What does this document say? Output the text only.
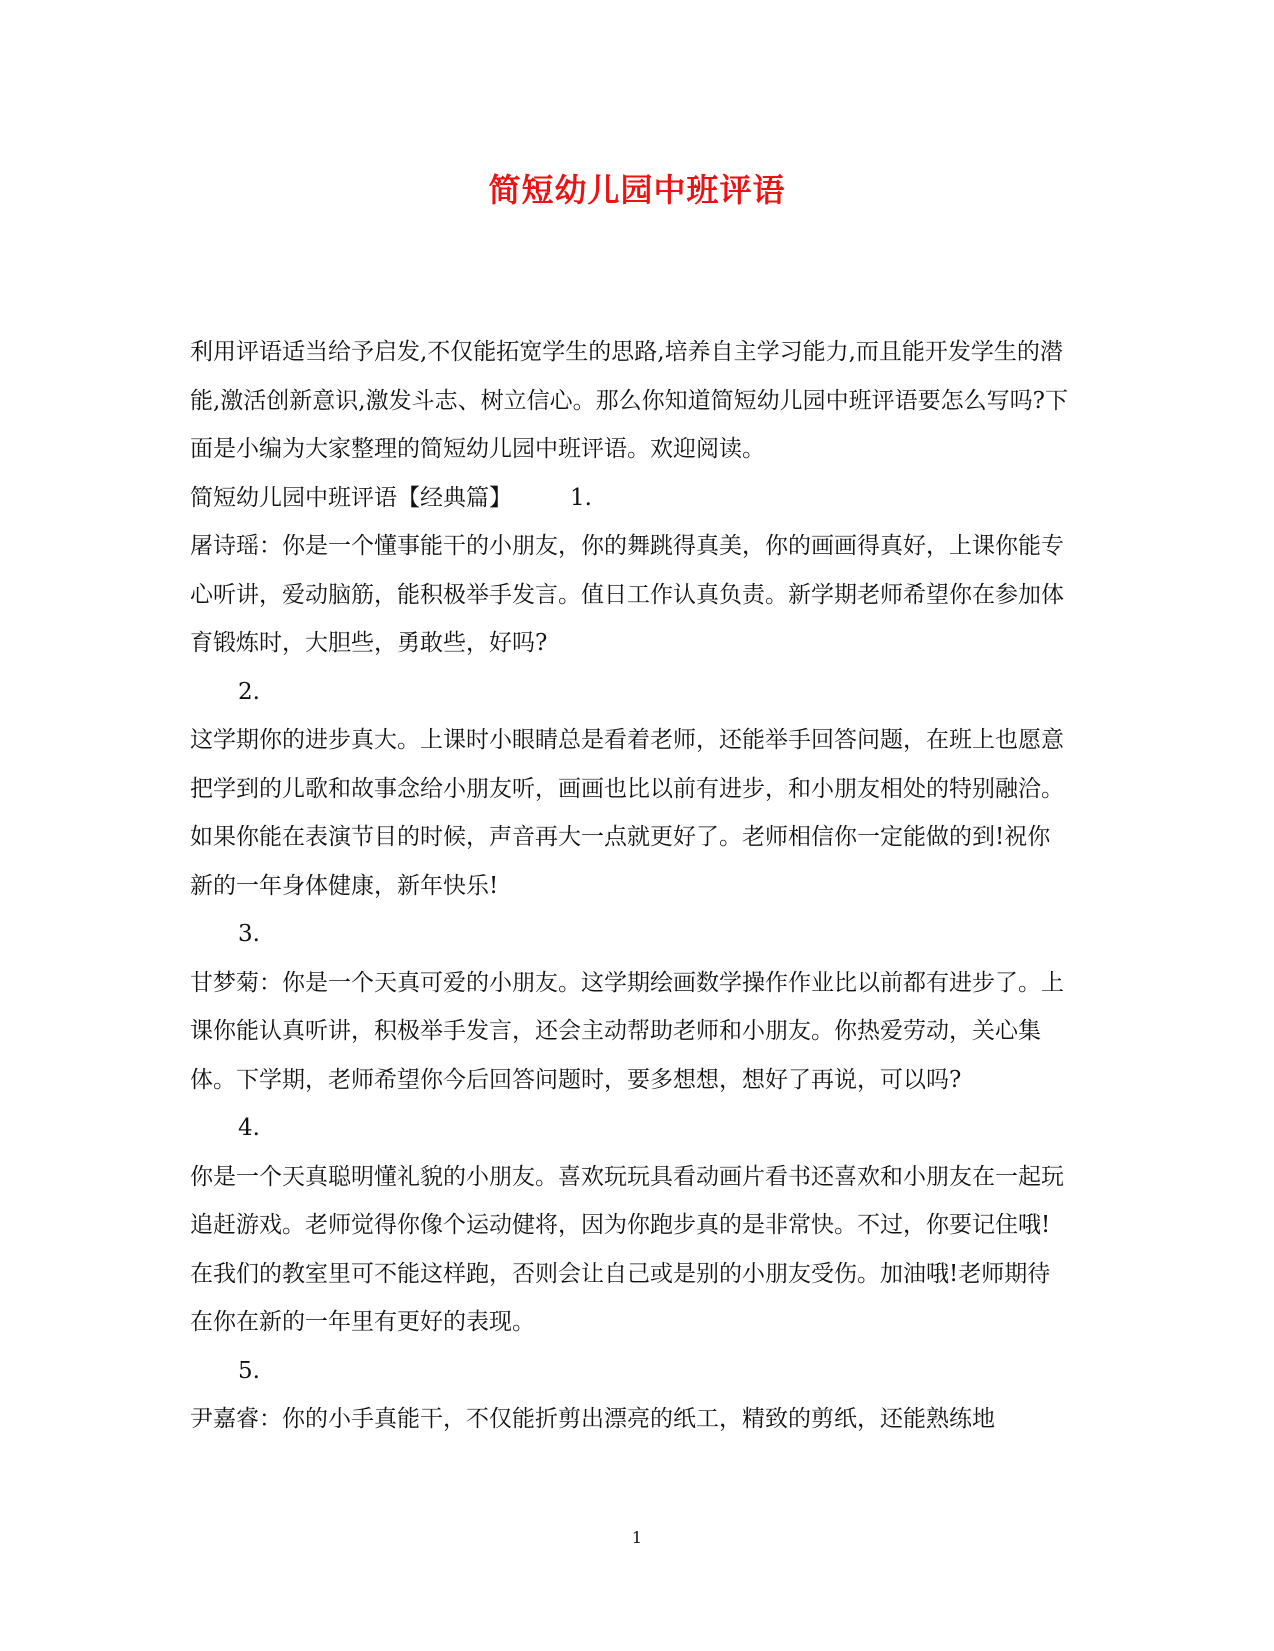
简短幼儿园中班评语

利用评语适当给予启发,不仅能拓宽学生的思路,培养自主学习能力,而且能开发学生的潜能,激活创新意识,激发斗志、树立信心。那么你知道简短幼儿园中班评语要怎么写吗?下面是小编为大家整理的简短幼儿园中班评语。欢迎阅读。

简短幼儿园中班评语【经典篇】	1.

屠诗瑶：你是一个懂事能干的小朋友，你的舞跳得真美，你的画画得真好，上课你能专心听讲，爱动脑筋，能积极举手发言。值日工作认真负责。新学期老师希望你在参加体育锻炼时，大胆些，勇敢些，好吗?

2.

这学期你的进步真大。上课时小眼睛总是看着老师，还能举手回答问题，在班上也愿意把学到的儿歌和故事念给小朋友听，画画也比以前有进步，和小朋友相处的特别融洽。如果你能在表演节目的时候，声音再大一点就更好了。老师相信你一定能做的到!祝你新的一年身体健康，新年快乐!

3.

甘梦菊：你是一个天真可爱的小朋友。这学期绘画数学操作作业比以前都有进步了。上课你能认真听讲，积极举手发言，还会主动帮助老师和小朋友。你热爱劳动，关心集体。下学期，老师希望你今后回答问题时，要多想想，想好了再说，可以吗?

4.

你是一个天真聪明懂礼貌的小朋友。喜欢玩玩具看动画片看书还喜欢和小朋友在一起玩追赶游戏。老师觉得你像个运动健将，因为你跑步真的是非常快。不过，你要记住哦!在我们的教室里可不能这样跑，否则会让自己或是别的小朋友受伤。加油哦!老师期待在你在新的一年里有更好的表现。

5.

尹嘉睿：你的小手真能干，不仅能折剪出漂亮的纸工，精致的剪纸，还能熟练地

1
